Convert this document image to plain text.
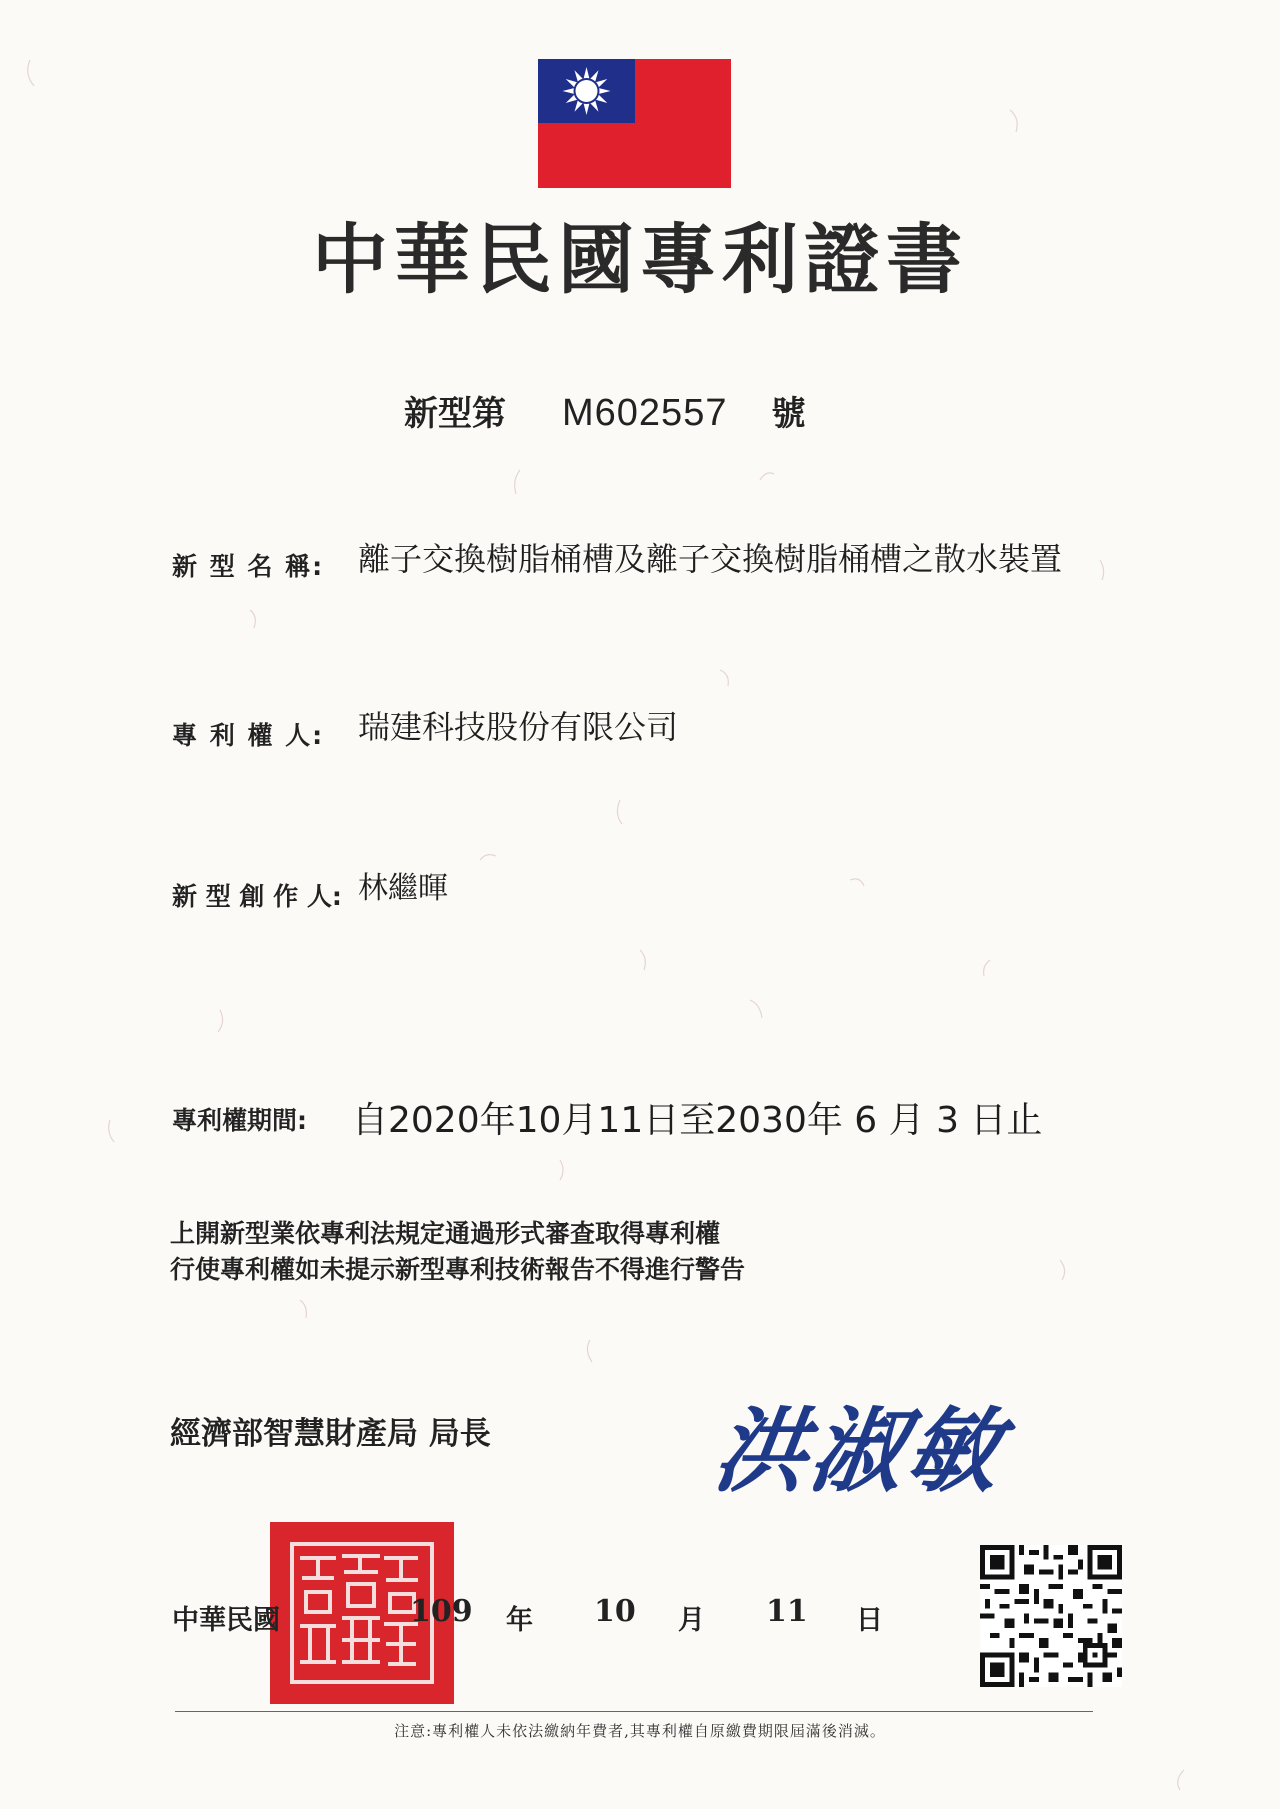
中華民國專利證書
新型第 M602557 號
新 型 名 稱: 離子交換樹脂桶槽及離子交換樹脂桶槽之散水裝置
專 利 權 人: 瑞建科技股份有限公司
新 型 創 作 人: 林繼暉
專利權期間: 自2020年10月11日至2030年 6 月 3 日止
上開新型業依專利法規定通過形式審查取得專利權
行使專利權如未提示新型專利技術報告不得進行警告
經濟部智慧財產局 局長 洪淑敏
中華民國	109 年 10 月 11 日
注意:專利權人未依法繳納年費者,其專利權自原繳費期限屆滿後消滅。
